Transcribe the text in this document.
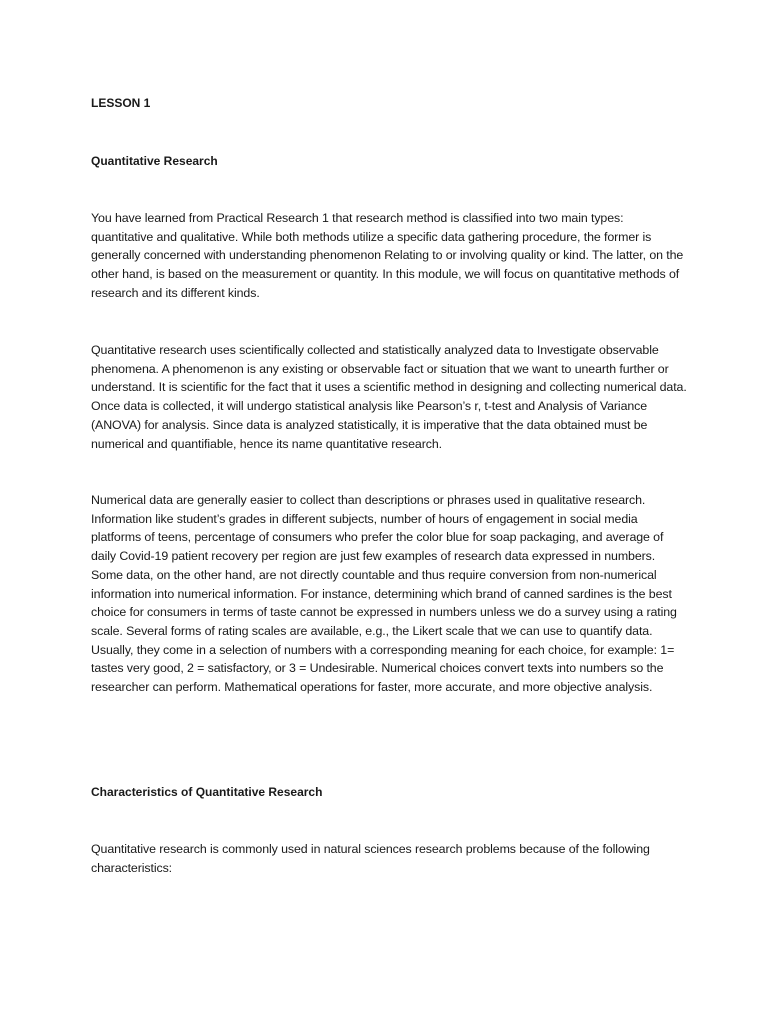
LESSON 1

Quantitative Research

You have learned from Practical Research 1 that research method is classified into two main types: quantitative and qualitative. While both methods utilize a specific data gathering procedure, the former is generally concerned with understanding phenomenon Relating to or involving quality or kind. The latter, on the other hand, is based on the measurement or quantity. In this module, we will focus on quantitative methods of research and its different kinds.

Quantitative research uses scientifically collected and statistically analyzed data to Investigate observable phenomena. A phenomenon is any existing or observable fact or situation that we want to unearth further or understand. It is scientific for the fact that it uses a scientific method in designing and collecting numerical data. Once data is collected, it will undergo statistical analysis like Pearson’s r, t-test and Analysis of Variance (ANOVA) for analysis. Since data is analyzed statistically, it is imperative that the data obtained must be numerical and quantifiable, hence its name quantitative research.

Numerical data are generally easier to collect than descriptions or phrases used in qualitative research. Information like student’s grades in different subjects, number of hours of engagement in social media platforms of teens, percentage of consumers who prefer the color blue for soap packaging, and average of daily Covid-19 patient recovery per region are just few examples of research data expressed in numbers. Some data, on the other hand, are not directly countable and thus require conversion from non-numerical information into numerical information. For instance, determining which brand of canned sardines is the best choice for consumers in terms of taste cannot be expressed in numbers unless we do a survey using a rating scale. Several forms of rating scales are available, e.g., the Likert scale that we can use to quantify data. Usually, they come in a selection of numbers with a corresponding meaning for each choice, for example: 1= tastes very good, 2 = satisfactory, or 3 = Undesirable. Numerical choices convert texts into numbers so the researcher can perform. Mathematical operations for faster, more accurate, and more objective analysis.

Characteristics of Quantitative Research

Quantitative research is commonly used in natural sciences research problems because of the following characteristics:
